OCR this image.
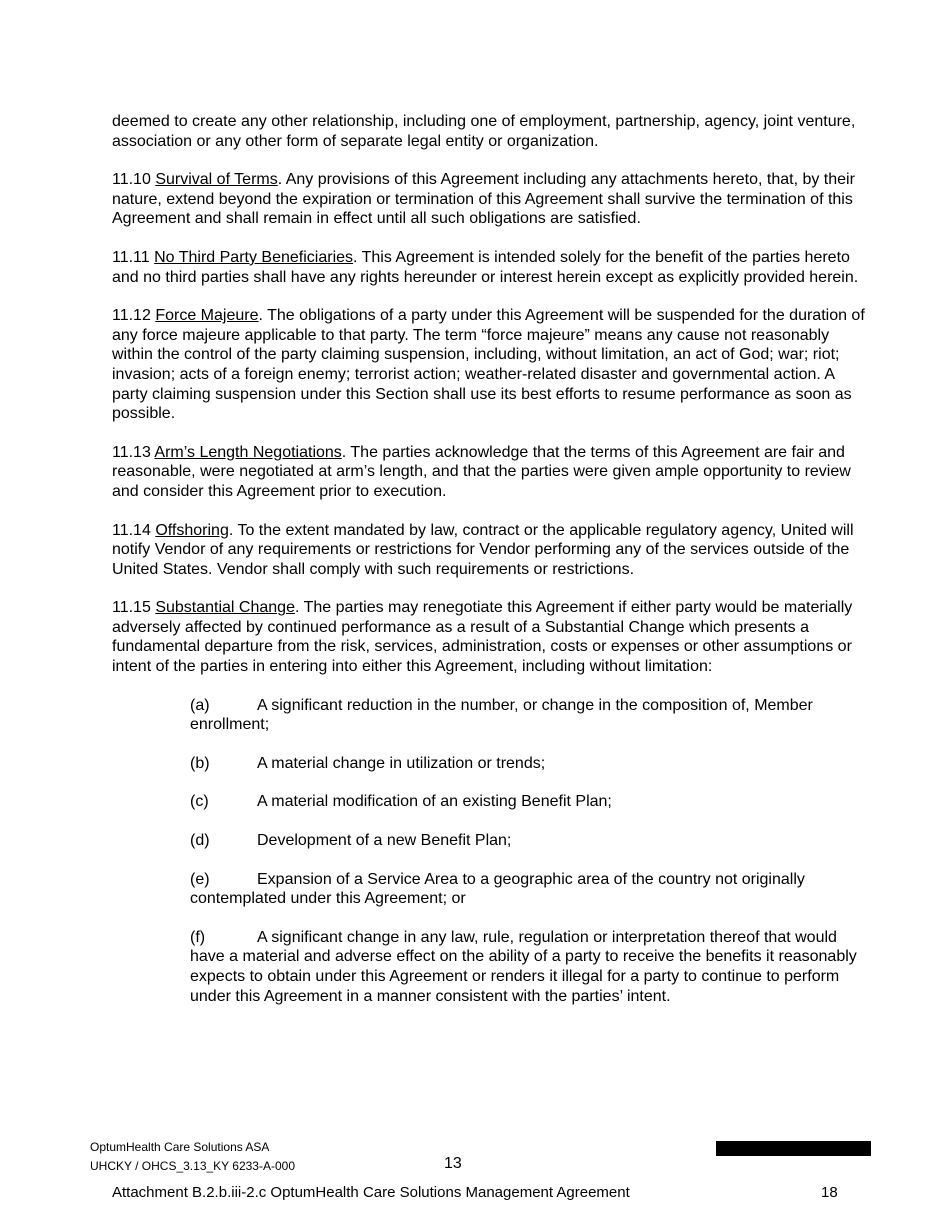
deemed to create any other relationship, including one of employment, partnership, agency, joint venture, association or any other form of separate legal entity or organization.

11.10 Survival of Terms. Any provisions of this Agreement including any attachments hereto, that, by their nature, extend beyond the expiration or termination of this Agreement shall survive the termination of this Agreement and shall remain in effect until all such obligations are satisfied.

11.11 No Third Party Beneficiaries. This Agreement is intended solely for the benefit of the parties hereto and no third parties shall have any rights hereunder or interest herein except as explicitly provided herein.

11.12 Force Majeure. The obligations of a party under this Agreement will be suspended for the duration of any force majeure applicable to that party. The term “force majeure” means any cause not reasonably within the control of the party claiming suspension, including, without limitation, an act of God; war; riot; invasion; acts of a foreign enemy; terrorist action; weather-related disaster and governmental action. A party claiming suspension under this Section shall use its best efforts to resume performance as soon as possible.

11.13 Arm’s Length Negotiations. The parties acknowledge that the terms of this Agreement are fair and reasonable, were negotiated at arm’s length, and that the parties were given ample opportunity to review and consider this Agreement prior to execution.

11.14 Offshoring. To the extent mandated by law, contract or the applicable regulatory agency, United will notify Vendor of any requirements or restrictions for Vendor performing any of the services outside of the United States. Vendor shall comply with such requirements or restrictions.

11.15 Substantial Change. The parties may renegotiate this Agreement if either party would be materially adversely affected by continued performance as a result of a Substantial Change which presents a fundamental departure from the risk, services, administration, costs or expenses or other assumptions or intent of the parties in entering into either this Agreement, including without limitation:

(a)	A significant reduction in the number, or change in the composition of, Member enrollment;

(b)	A material change in utilization or trends;

(c)	A material modification of an existing Benefit Plan;

(d)	Development of a new Benefit Plan;

(e)	Expansion of a Service Area to a geographic area of the country not originally contemplated under this Agreement; or

(f)	A significant change in any law, rule, regulation or interpretation thereof that would have a material and adverse effect on the ability of a party to receive the benefits it reasonably expects to obtain under this Agreement or renders it illegal for a party to continue to perform under this Agreement in a manner consistent with the parties’ intent.

OptumHealth Care Solutions ASA
UHCKY / OHCS_3.13_KY 6233-A-000	13
Attachment B.2.b.iii-2.c OptumHealth Care Solutions Management Agreement	18
